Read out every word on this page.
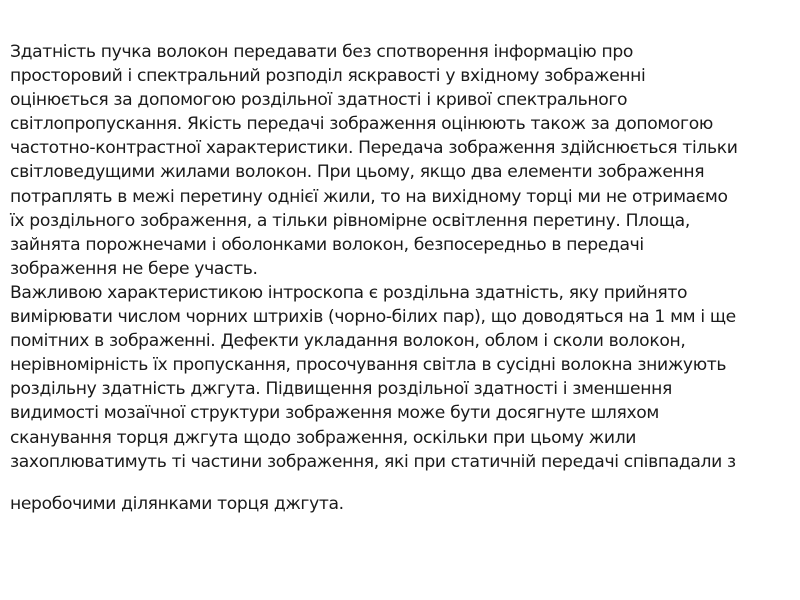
Здатність пучка волокон передавати без спотворення інформацію про
просторовий і спектральний розподіл яскравості у вхідному зображенні
оцінюється за допомогою роздільної здатності і кривої спектрального
світлопропускання. Якість передачі зображення оцінюють також за допомогою
частотно-контрастної характеристики. Передача зображення здійснюється тільки
світловедущими жилами волокон. При цьому, якщо два елементи зображення
потраплять в межі перетину однієї жили, то на вихідному торці ми не отримаємо
їх роздільного зображення, а тільки рівномірне освітлення перетину. Площа,
зайнята порожнечами і оболонками волокон, безпосередньо в передачі
зображення не бере участь.
Важливою характеристикою інтроскопа є роздільна здатність, яку прийнято
вимірювати числом чорних штрихів (чорно-білих пар), що доводяться на 1 мм і ще
помітних в зображенні. Дефекти укладання волокон, облом і сколи волокон,
нерівномірність їх пропускання, просочування світла в сусідні волокна знижують
роздільну здатність джгута. Підвищення роздільної здатності і зменшення
видимості мозаїчної структури зображення може бути досягнуте шляхом
сканування торця джгута щодо зображення, оскільки при цьому жили
захоплюватимуть ті частини зображення, які при статичній передачі співпадали з
неробочими ділянками торця джгута.
